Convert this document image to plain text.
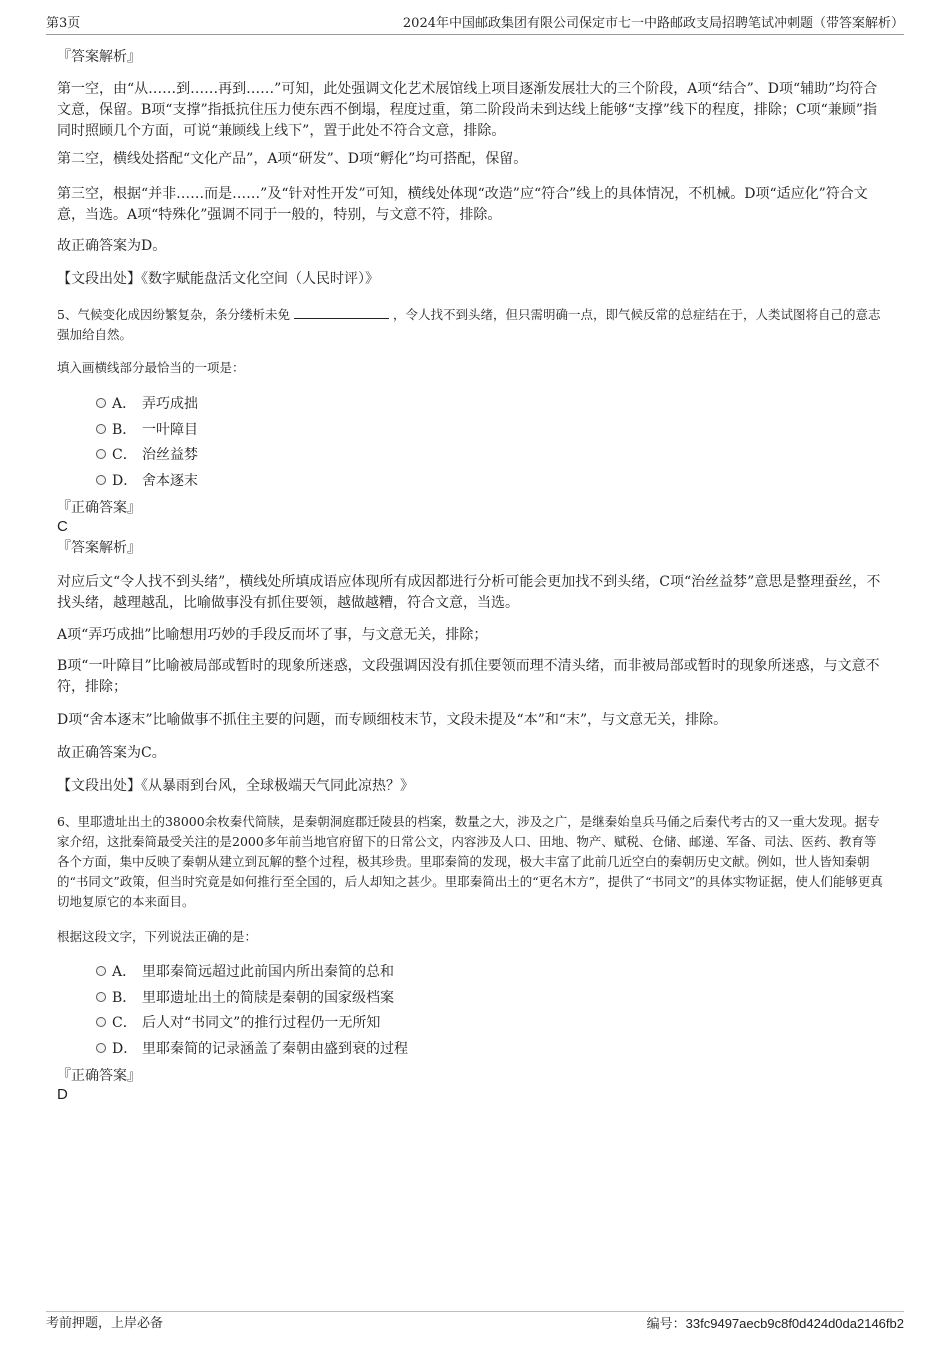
第3页	2024年中国邮政集团有限公司保定市七一中路邮政支局招聘笔试冲刺题（带答案解析）
『答案解析』
第一空，由“从……到……再到……”可知，此处强调文化艺术展馆线上项目逐渐发展壮大的三个阶段，A项“结合”、D项“辅助”均符合文意，保留。B项“支撑”指抵抗住压力使东西不倒塌，程度过重，第二阶段尚未到达线上能够“支撑”线下的程度，排除；C项“兼顾”指同时照顾几个方面，可说“兼顾线上线下”，置于此处不符合文意，排除。
第二空，横线处搭配“文化产品”，A项“研发”、D项“孵化”均可搭配，保留。
第三空，根据“并非……而是……”及“针对性开发”可知，横线处体现“改造”应“符合”线上的具体情况，不机械。D项“适应化”符合文意，当选。A项“特殊化”强调不同于一般的，特别，与文意不符，排除。
故正确答案为D。
【文段出处】《数字赋能盘活文化空间（人民时评）》
5、气候变化成因纷繁复杂，条分缕析未免	，令人找不到头绪，但只需明确一点，即气候反常的总症结在于，人类试图将自己的意志强加给自然。
填入画横线部分最恰当的一项是：
A． 弄巧成拙
B． 一叶障目
C． 治丝益棼
D． 舍本逐末
『正确答案』
C
『答案解析』
对应后文“令人找不到头绪”，横线处所填成语应体现所有成因都进行分析可能会更加找不到头绪，C项“治丝益棼”意思是整理蚕丝，不找头绪，越理越乱，比喻做事没有抓住要领，越做越糟，符合文意，当选。
A项“弄巧成拙”比喻想用巧妙的手段反而坏了事，与文意无关，排除；
B项“一叶障目”比喻被局部或暂时的现象所迷惑，文段强调因没有抓住要领而理不清头绪，而非被局部或暂时的现象所迷惑，与文意不符，排除；
D项“舍本逐末”比喻做事不抓住主要的问题，而专顾细枝末节，文段未提及“本”和“末”，与文意无关，排除。
故正确答案为C。
【文段出处】《从暴雨到台风，全球极端天气同此凉热？》
6、里耶遗址出土的38000余枚秦代简牍，是秦朝洞庭郡迁陵县的档案，数量之大，涉及之广，是继秦始皇兵马俑之后秦代考古的又一重大发现。据专家介绍，这批秦简最受关注的是2000多年前当地官府留下的日常公文，内容涉及人口、田地、物产、赋税、仓储、邮递、军备、司法、医药、教育等各个方面，集中反映了秦朝从建立到瓦解的整个过程，极其珍贵。里耶秦简的发现，极大丰富了此前几近空白的秦朝历史文献。例如，世人皆知秦朝的“书同文”政策，但当时究竟是如何推行至全国的，后人却知之甚少。里耶秦简出土的“更名木方”，提供了“书同文”的具体实物证据，使人们能够更真切地复原它的本来面目。
根据这段文字，下列说法正确的是：
A． 里耶秦简远超过此前国内所出秦简的总和
B． 里耶遗址出土的简牍是秦朝的国家级档案
C． 后人对“书同文”的推行过程仍一无所知
D． 里耶秦简的记录涵盖了秦朝由盛到衰的过程
『正确答案』
D
考前押题，上岸必备	编号：33fc9497aecb9c8f0d424d0da2146fb2
